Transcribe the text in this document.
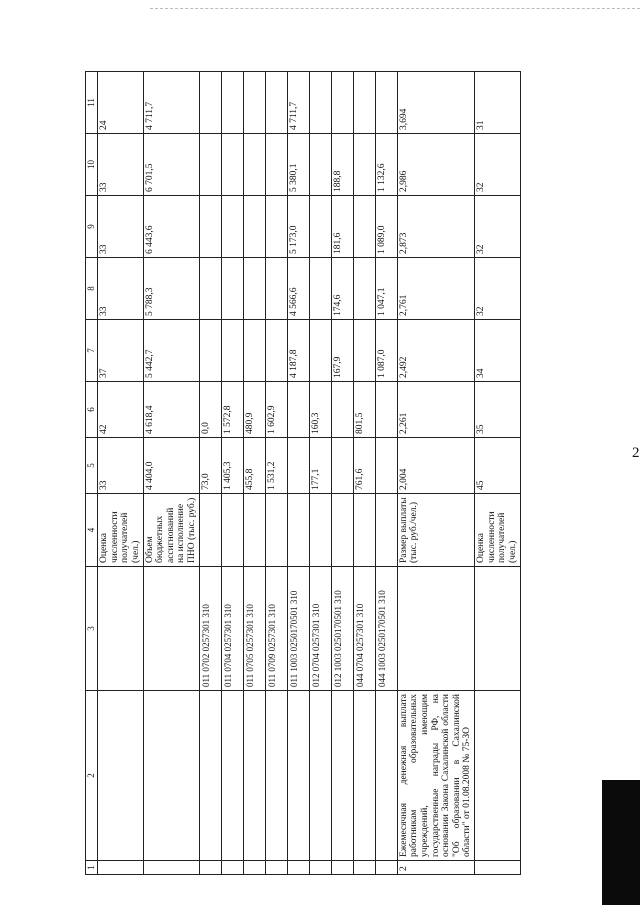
2
1	2	3	4	5	6	7	8	9	10	11
			Оценка численности получателей (чел.)	33	42	37	33	33	33	24
			Объем бюджетных ассигнований на исполнение ПНО (тыс. руб.)	4 404,0	4 618,4	5 442,7	5 788,3	6 443,6	6 701,5	4 711,7
		011 0702 0257301 310		73,0	0,0					
		011 0704 0257301 310		1 405,3	1 572,8					
		011 0705 0257301 310		455,8	480,9					
		011 0709 0257301 310		1 531,2	1 602,9					
		011 1003 0250170501 310				4 187,8	4 566,6	5 173,0	5 380,1	4 711,7
		012 0704 0257301 310		177,1	160,3					
		012 1003 0250170501 310				167,9	174,6	181,6	188,8	
		044 0704 0257301 310		761,6	801,5					
		044 1003 0250170501 310				1 087,0	1 047,1	1 089,0	1 132,6	
2	Ежемесячная денежная выплата работникам образовательных учреждений, имеющим государственные награды РФ, на основании Закона Сахалинской области "Об образовании в Сахалинской области" от 01.08.2008 № 75-ЗО		Размер выплаты (тыс. руб./чел.)	2,004	2,261	2,492	2,761	2,873	2,986	3,694
			Оценка численности получателей (чел.)	45	35	34	32	32	32	31
